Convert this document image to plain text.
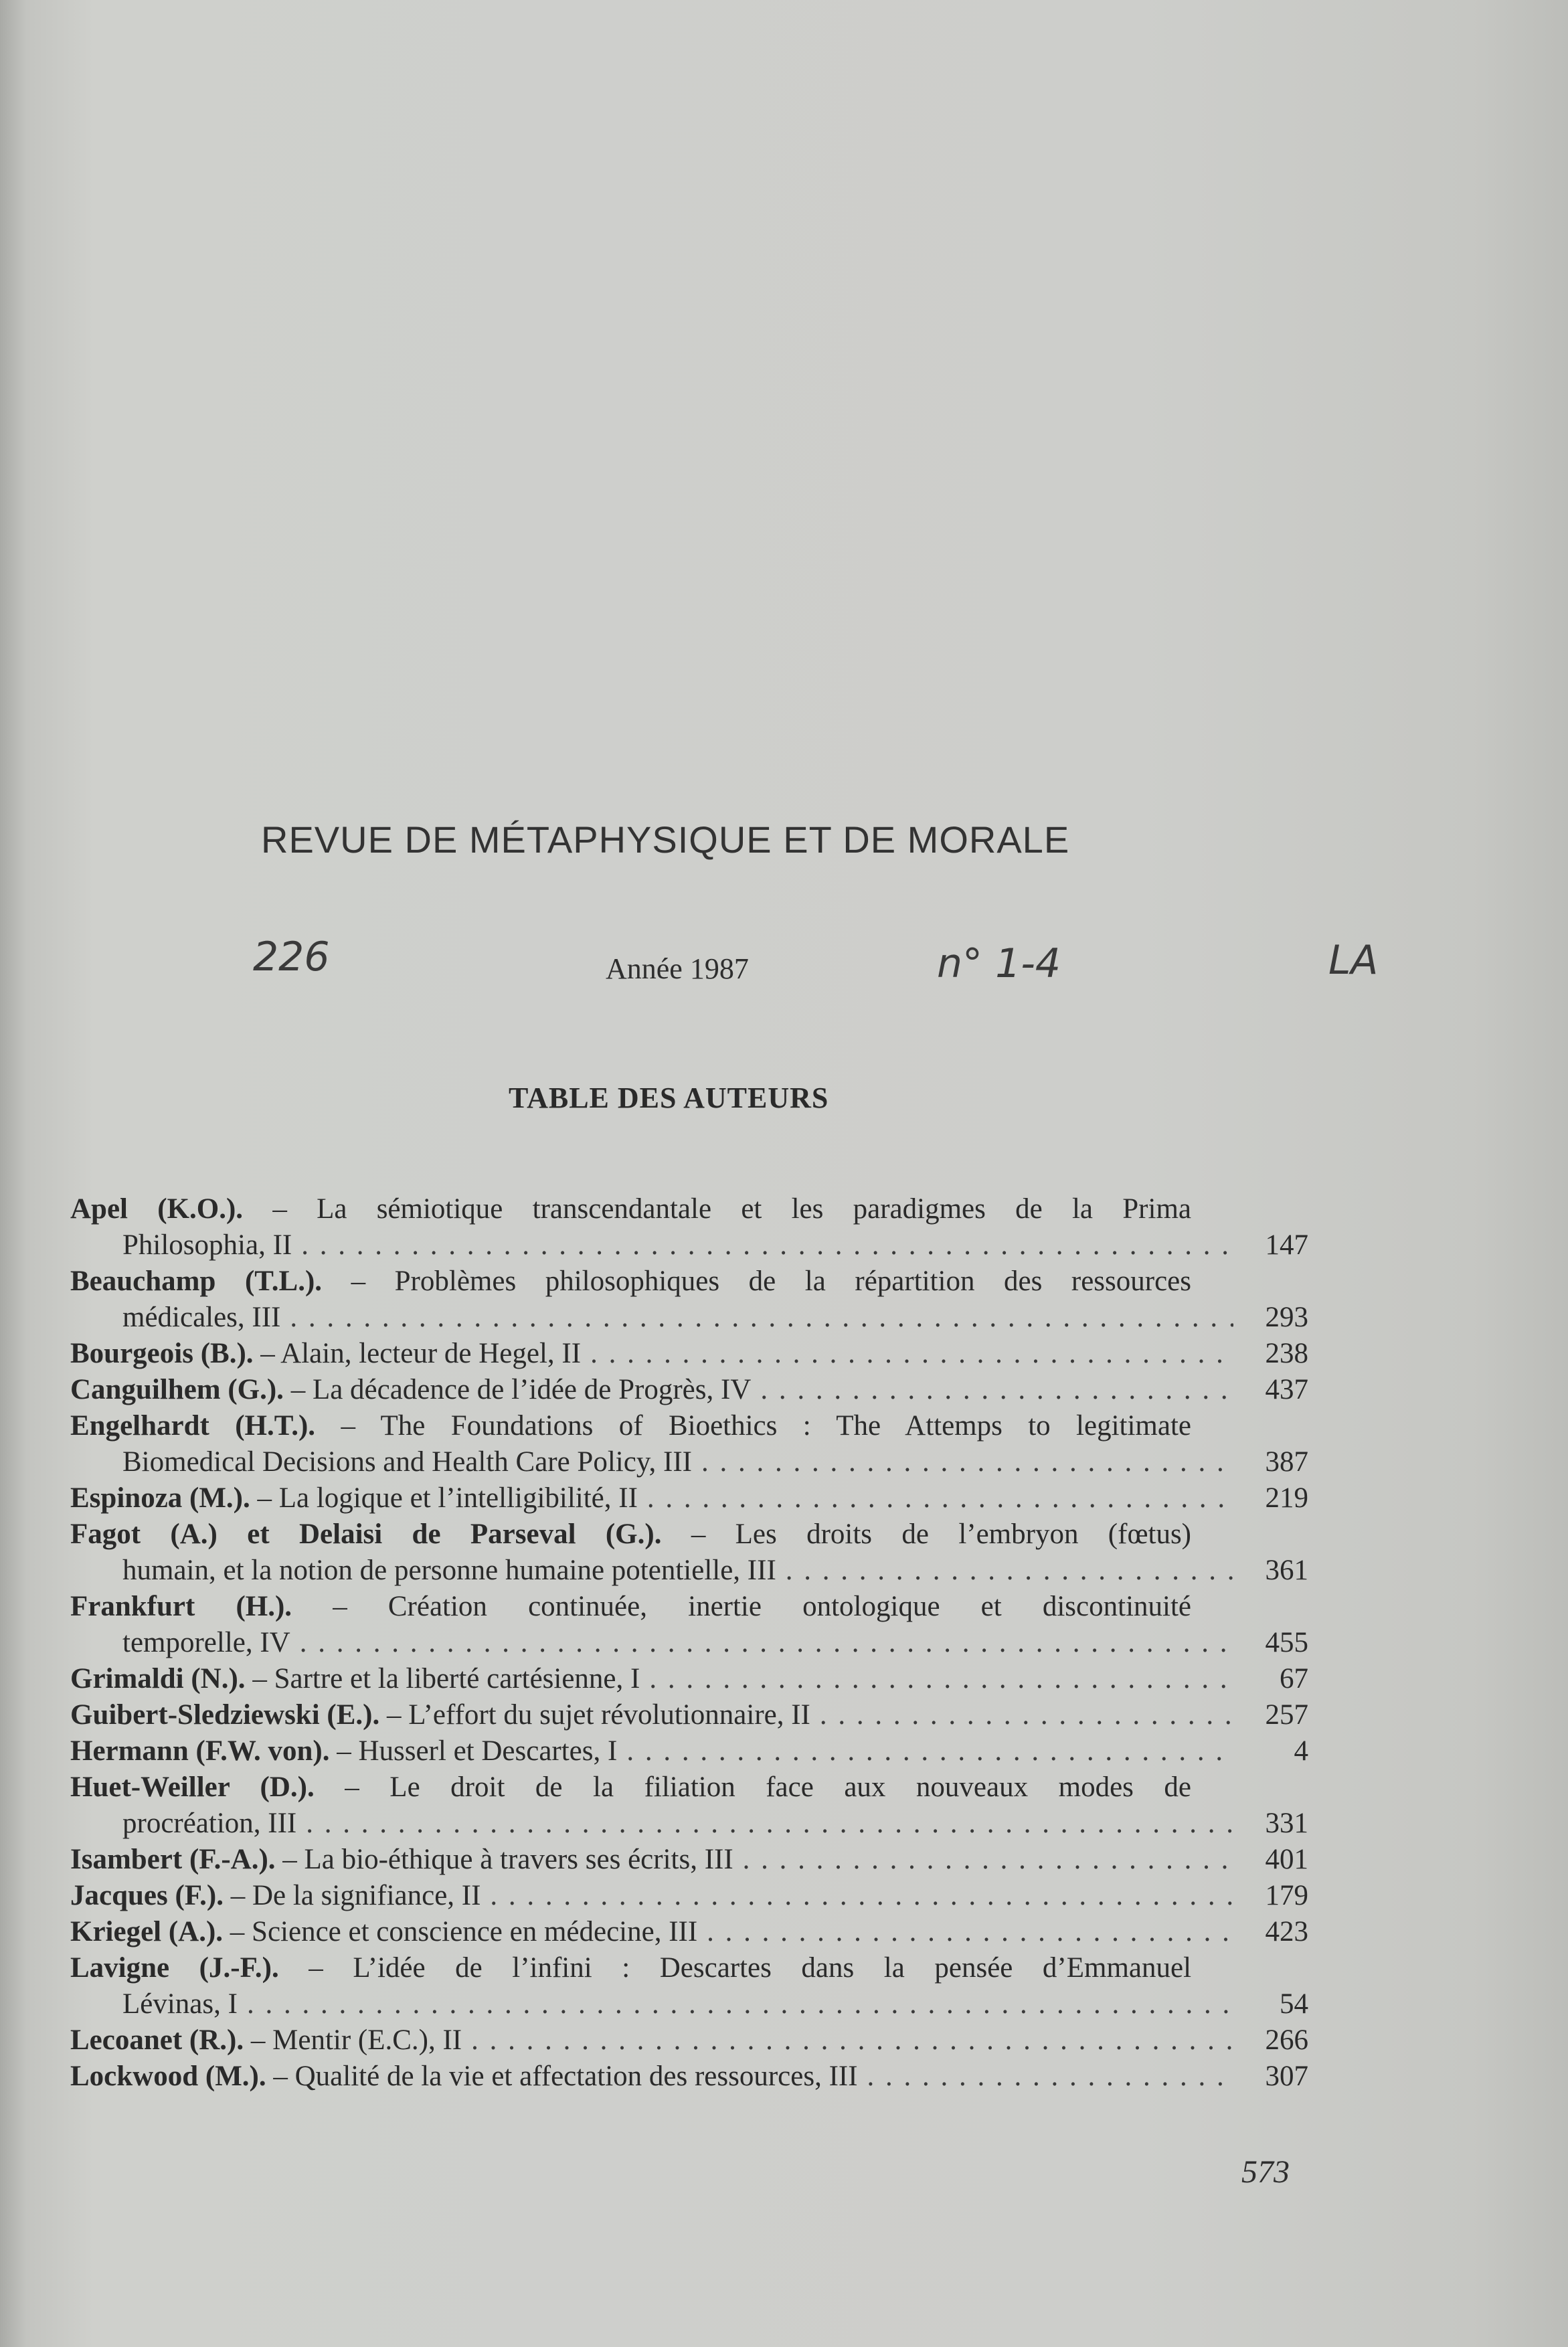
REVUE DE MÉTAPHYSIQUE ET DE MORALE
226	Année 1987	n° 1-4	LA
TABLE DES AUTEURS
Apel (K.O.). – La sémiotique transcendantale et les paradigmes de la Prima
Philosophia, II . . .	147
Beauchamp (T.L.). – Problèmes philosophiques de la répartition des ressources
médicales, III . . .	293
Bourgeois (B.). – Alain, lecteur de Hegel, II . . .	238
Canguilhem (G.). – La décadence de l’idée de Progrès, IV . . .	437
Engelhardt (H.T.). – The Foundations of Bioethics : The Attemps to legitimate
Biomedical Decisions and Health Care Policy, III . . .	387
Espinoza (M.). – La logique et l’intelligibilité, II . . .	219
Fagot (A.) et Delaisi de Parseval (G.). – Les droits de l’embryon (fœtus)
humain, et la notion de personne humaine potentielle, III . . .	361
Frankfurt (H.). – Création continuée, inertie ontologique et discontinuité
temporelle, IV . . .	455
Grimaldi (N.). – Sartre et la liberté cartésienne, I . . .	67
Guibert-Sledziewski (E.). – L’effort du sujet révolutionnaire, II . . .	257
Hermann (F.W. von). – Husserl et Descartes, I . . .	4
Huet-Weiller (D.). – Le droit de la filiation face aux nouveaux modes de
procréation, III . . .	331
Isambert (F.-A.). – La bio-éthique à travers ses écrits, III . . .	401
Jacques (F.). – De la signifiance, II . . .	179
Kriegel (A.). – Science et conscience en médecine, III . . .	423
Lavigne (J.-F.). – L’idée de l’infini : Descartes dans la pensée d’Emmanuel
Lévinas, I . . .	54
Lecoanet (R.). – Mentir (E.C.), II . . .	266
Lockwood (M.). – Qualité de la vie et affectation des ressources, III . . .	307
573
